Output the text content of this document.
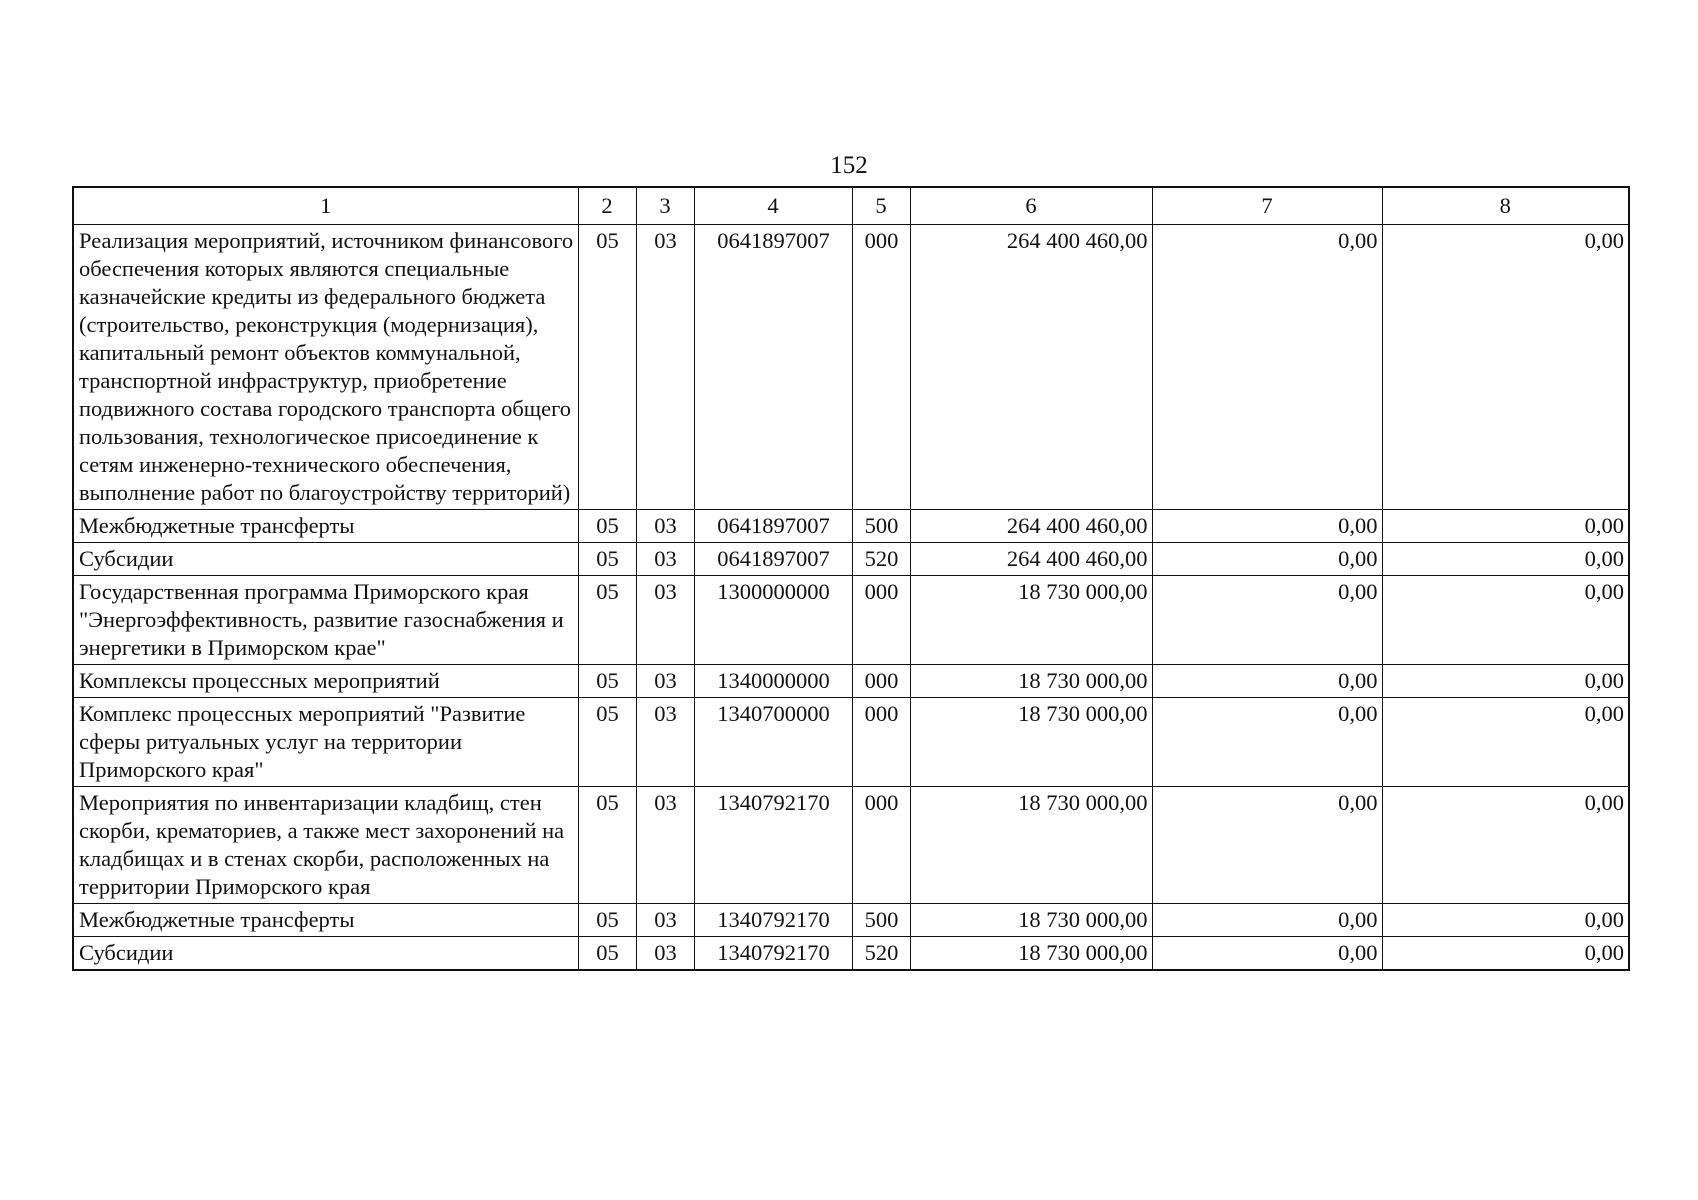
152
1	2	3	4	5	6	7	8
Реализация мероприятий, источником финансового обеспечения которых являются специальные казначейские кредиты из федерального бюджета (строительство, реконструкция (модернизация), капитальный ремонт объектов коммунальной, транспортной инфраструктур, приобретение подвижного состава городского транспорта общего пользования, технологическое присоединение к сетям инженерно-технического обеспечения, выполнение работ по благоустройству территорий)	05	03	0641897007	000	264 400 460,00	0,00	0,00
Межбюджетные трансферты	05	03	0641897007	500	264 400 460,00	0,00	0,00
Субсидии	05	03	0641897007	520	264 400 460,00	0,00	0,00
Государственная программа Приморского края "Энергоэффективность, развитие газоснабжения и энергетики в Приморском крае"	05	03	1300000000	000	18 730 000,00	0,00	0,00
Комплексы процессных мероприятий	05	03	1340000000	000	18 730 000,00	0,00	0,00
Комплекс процессных мероприятий "Развитие сферы ритуальных услуг на территории Приморского края"	05	03	1340700000	000	18 730 000,00	0,00	0,00
Мероприятия по инвентаризации кладбищ, стен скорби, крематориев, а также мест захоронений на кладбищах и в стенах скорби, расположенных на территории Приморского края	05	03	1340792170	000	18 730 000,00	0,00	0,00
Межбюджетные трансферты	05	03	1340792170	500	18 730 000,00	0,00	0,00
Субсидии	05	03	1340792170	520	18 730 000,00	0,00	0,00
